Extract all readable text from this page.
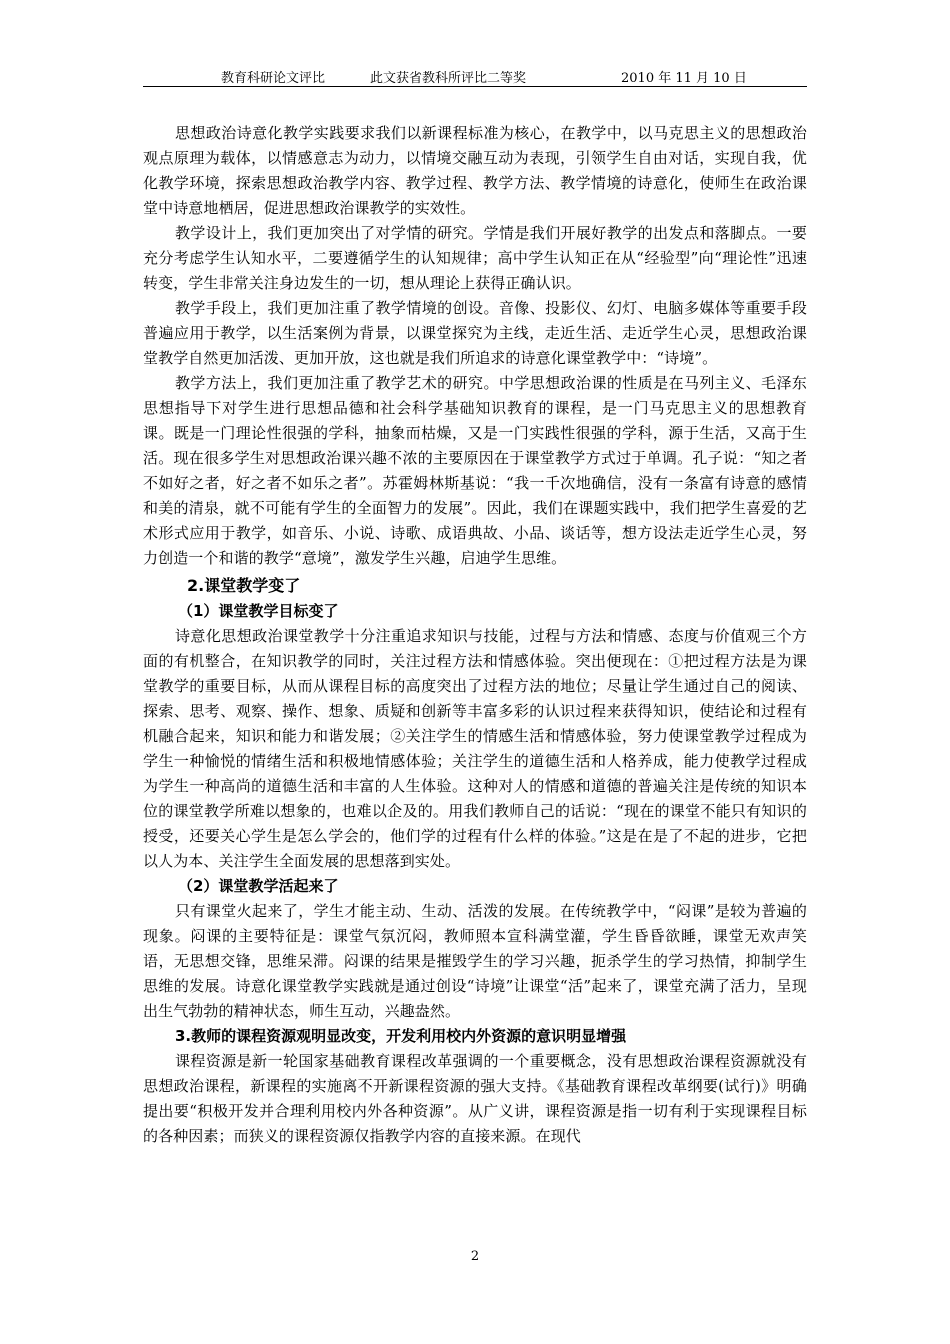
教育科研论文评比	此文获省教科所评比二等奖	2010 年 11 月 10 日

思想政治诗意化教学实践要求我们以新课程标准为核心，在教学中，以马克思主义的思想政治观点原理为载体，以情感意志为动力，以情境交融互动为表现，引领学生自由对话，实现自我，优化教学环境，探索思想政治教学内容、教学过程、教学方法、教学情境的诗意化，使师生在政治课堂中诗意地栖居，促进思想政治课教学的实效性。

教学设计上，我们更加突出了对学情的研究。学情是我们开展好教学的出发点和落脚点。一要充分考虑学生认知水平，二要遵循学生的认知规律；高中学生认知正在从“经验型”向“理论性”迅速转变，学生非常关注身边发生的一切，想从理论上获得正确认识。

教学手段上，我们更加注重了教学情境的创设。音像、投影仪、幻灯、电脑多媒体等重要手段普遍应用于教学，以生活案例为背景，以课堂探究为主线，走近生活、走近学生心灵，思想政治课堂教学自然更加活泼、更加开放，这也就是我们所追求的诗意化课堂教学中：“诗境”。

教学方法上，我们更加注重了教学艺术的研究。中学思想政治课的性质是在马列主义、毛泽东思想指导下对学生进行思想品德和社会科学基础知识教育的课程，是一门马克思主义的思想教育课。既是一门理论性很强的学科，抽象而枯燥，又是一门实践性很强的学科，源于生活，又高于生活。现在很多学生对思想政治课兴趣不浓的主要原因在于课堂教学方式过于单调。孔子说：“知之者不如好之者，好之者不如乐之者”。苏霍姆林斯基说：“我一千次地确信，没有一条富有诗意的感情和美的清泉，就不可能有学生的全面智力的发展”。因此，我们在课题实践中，我们把学生喜爱的艺术形式应用于教学，如音乐、小说、诗歌、成语典故、小品、谈话等，想方设法走近学生心灵，努力创造一个和谐的教学“意境”，激发学生兴趣，启迪学生思维。

2.课堂教学变了

（1）课堂教学目标变了

诗意化思想政治课堂教学十分注重追求知识与技能，过程与方法和情感、态度与价值观三个方面的有机整合，在知识教学的同时，关注过程方法和情感体验。突出便现在：①把过程方法是为课堂教学的重要目标，从而从课程目标的高度突出了过程方法的地位；尽量让学生通过自己的阅读、探索、思考、观察、操作、想象、质疑和创新等丰富多彩的认识过程来获得知识，使结论和过程有机融合起来，知识和能力和谐发展；②关注学生的情感生活和情感体验，努力使课堂教学过程成为学生一种愉悦的情绪生活和积极地情感体验；关注学生的道德生活和人格养成，能力使教学过程成为学生一种高尚的道德生活和丰富的人生体验。这种对人的情感和道德的普遍关注是传统的知识本位的课堂教学所难以想象的，也难以企及的。用我们教师自己的话说：“现在的课堂不能只有知识的授受，还要关心学生是怎么学会的，他们学的过程有什么样的体验。”这是在是了不起的进步，它把以人为本、关注学生全面发展的思想落到实处。

（2）课堂教学活起来了

只有课堂火起来了，学生才能主动、生动、活泼的发展。在传统教学中，“闷课”是较为普遍的现象。闷课的主要特征是：课堂气氛沉闷，教师照本宣科满堂灌，学生昏昏欲睡，课堂无欢声笑语，无思想交锋，思维呆滞。闷课的结果是摧毁学生的学习兴趣，扼杀学生的学习热情，抑制学生思维的发展。诗意化课堂教学实践就是通过创设“诗境”让课堂“活”起来了，课堂充满了活力，呈现出生气勃勃的精神状态，师生互动，兴趣盎然。

3.教师的课程资源观明显改变，开发利用校内外资源的意识明显增强

课程资源是新一轮国家基础教育课程改革强调的一个重要概念，没有思想政治课程资源就没有思想政治课程，新课程的实施离不开新课程资源的强大支持。《基础教育课程改革纲要(试行)》明确提出要“积极开发并合理利用校内外各种资源”。从广义讲，课程资源是指一切有利于实现课程目标的各种因素；而狭义的课程资源仅指教学内容的直接来源。在现代

2
